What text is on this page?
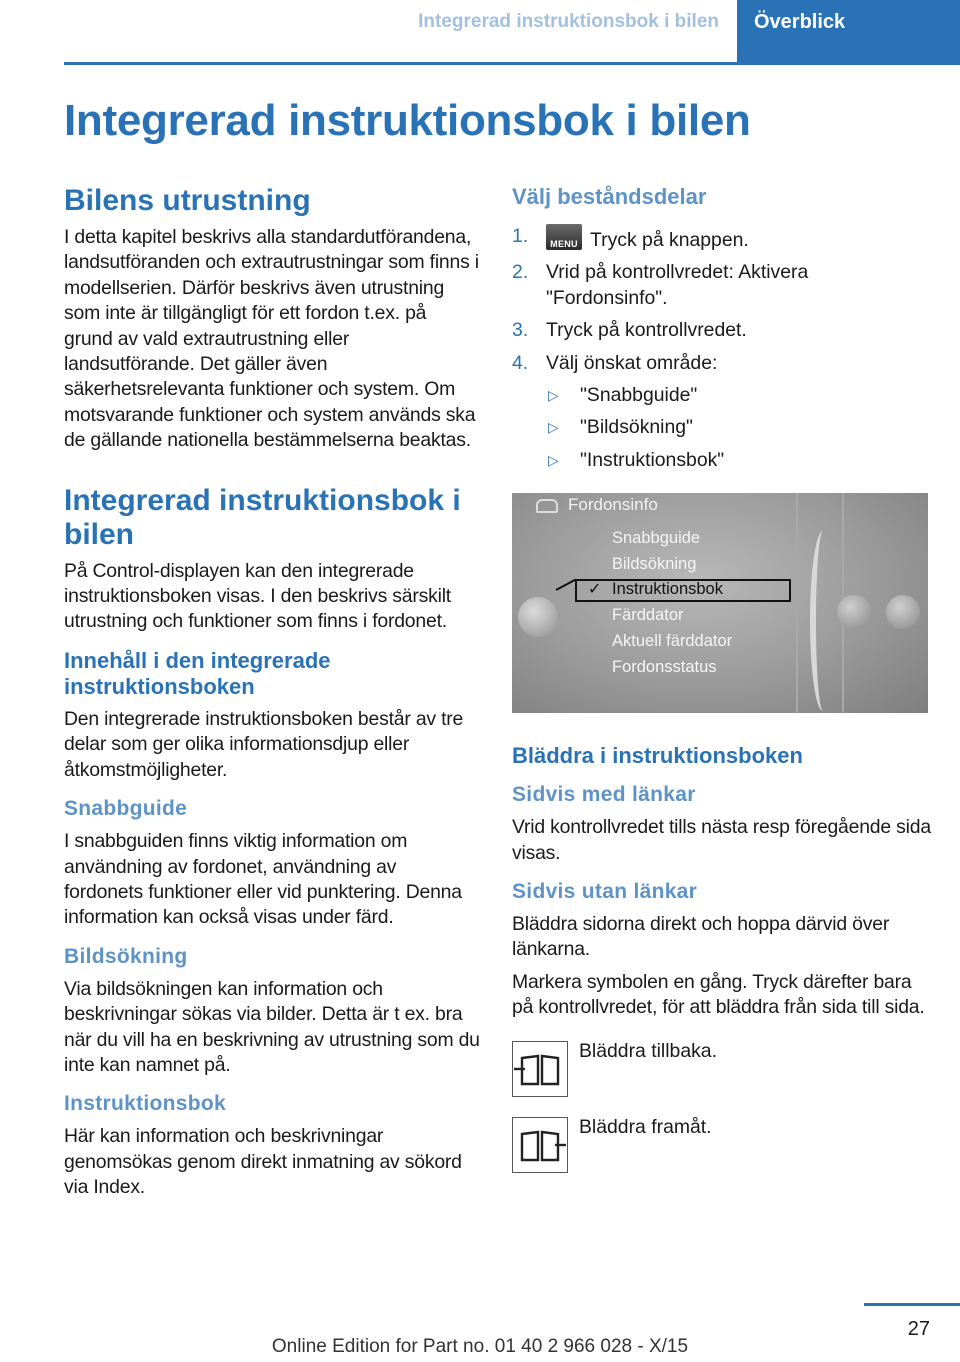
Integrerad instruktionsbok i bilen	Överblick
Integrerad instruktionsbok i bilen
Bilens utrustning

I detta kapitel beskrivs alla standardutförandena, landsutföranden och extrautrustningar som finns i modellserien. Därför beskrivs även utrustning som inte är tillgängligt för ett fordon t.ex. på grund av vald extrautrustning eller landsutförande. Det gäller även säkerhetsrelevanta funktioner och system. Om motsvarande funktioner och system används ska de gällande nationella bestämmelserna beaktas.

Integrerad instruktionsbok i bilen

På Control-displayen kan den integrerade instruktionsboken visas. I den beskrivs särskilt utrustning och funktioner som finns i fordonet.

Innehåll i den integrerade instruktionsboken

Den integrerade instruktionsboken består av tre delar som ger olika informationsdjup eller åtkomstmöjligheter.

Snabbguide

I snabbguiden finns viktig information om användning av fordonet, användning av fordonets funktioner eller vid punktering. Denna information kan också visas under färd.

Bildsökning

Via bildsökningen kan information och beskrivningar sökas via bilder. Detta är t ex. bra när du vill ha en beskrivning av utrustning som du inte kan namnet på.

Instruktionsbok

Här kan information och beskrivningar genomsökas genom direkt inmatning av sökord via Index.

Välj beståndsdelar
1.	MENU Tryck på knappen.
2. Vrid på kontrollvredet: Aktivera "Fordonsinfo".
3. Tryck på kontrollvredet.
4. Välj önskat område:
▷ "Snabbguide"
▷ "Bildsökning"
▷ "Instruktionsbok"
Fordonsinfo
Snabbguide
Bildsökning
✓ Instruktionsbok
Färddator
Aktuell färddator
Fordonsstatus
Bläddra i instruktionsboken
Sidvis med länkar

Vrid kontrollvredet tills nästa resp föregående sida visas.

Sidvis utan länkar

Bläddra sidorna direkt och hoppa därvid över länkarna.

Markera symbolen en gång. Tryck därefter bara på kontrollvredet, för att bläddra från sida till sida.

Bläddra tillbaka.
Bläddra framåt.
27
Online Edition for Part no. 01 40 2 966 028 - X/15
